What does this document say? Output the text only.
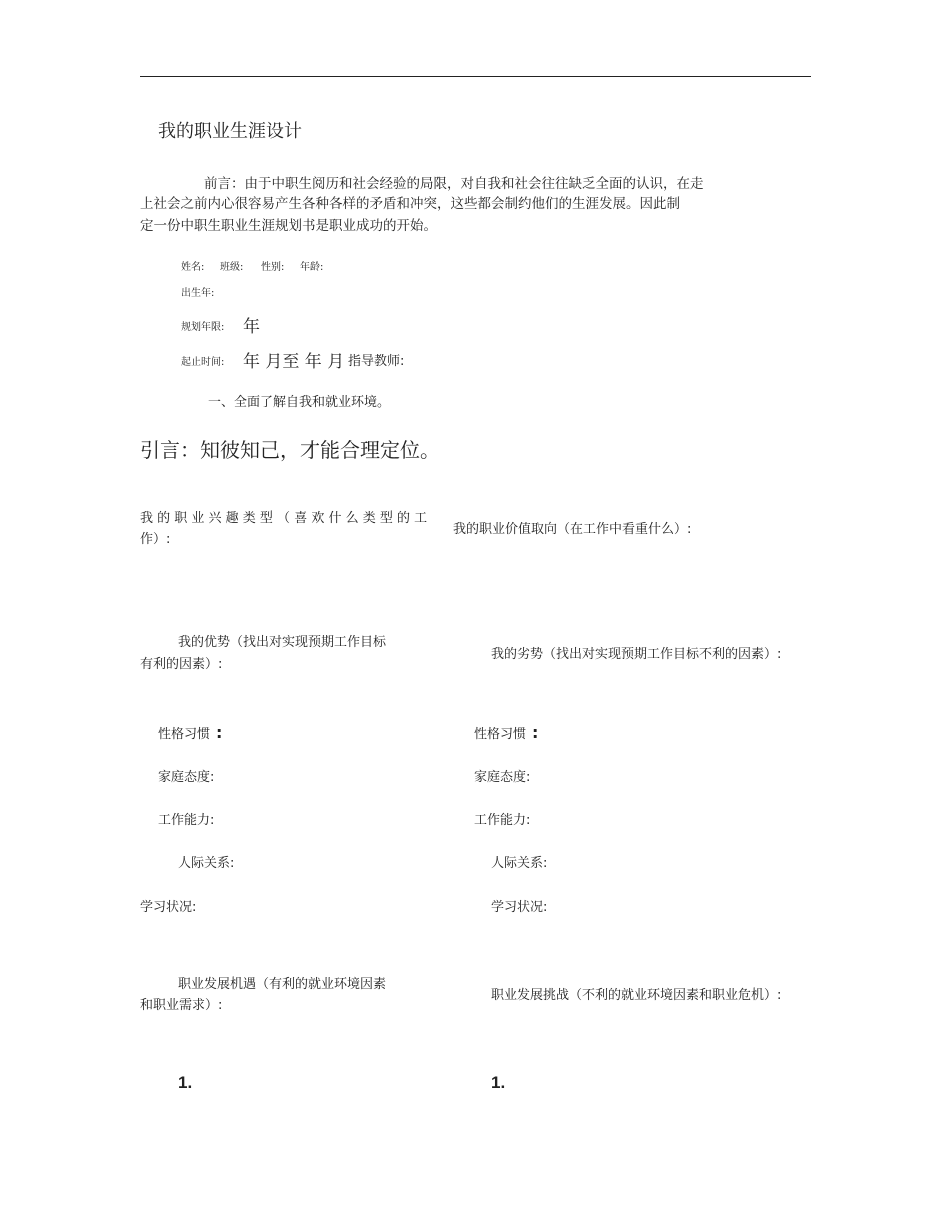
我的职业生涯设计
前言：由于中职生阅历和社会经验的局限，对自我和社会往往缺乏全面的认识，在走
上社会之前内心很容易产生各种各样的矛盾和冲突，这些都会制约他们的生涯发展。因此制
定一份中职生职业生涯规划书是职业成功的开始。
姓名: 班级: 性别: 年龄:
出生年:
规划年限: 年
起止时间: 年 月至 年 月 指导教师:
一、全面了解自我和就业环境。
引言：知彼知己，才能合理定位。
我 的 职 业 兴 趣 类 型 （ 喜 欢 什 么 类 型 的 工
作）:
我的优势（找出对实现预期工作目标
有利的因素）:
性格习惯 :
家庭态度:
工作能力:
人际关系:
学习状况:
职业发展机遇（有利的就业环境因素
和职业需求）:
1.
我的职业价值取向（在工作中看重什么）:
我的劣势（找出对实现预期工作目标不利的因素）:
性格习惯 :
家庭态度:
工作能力:
人际关系:
学习状况:
职业发展挑战（不利的就业环境因素和职业危机）:
1.
